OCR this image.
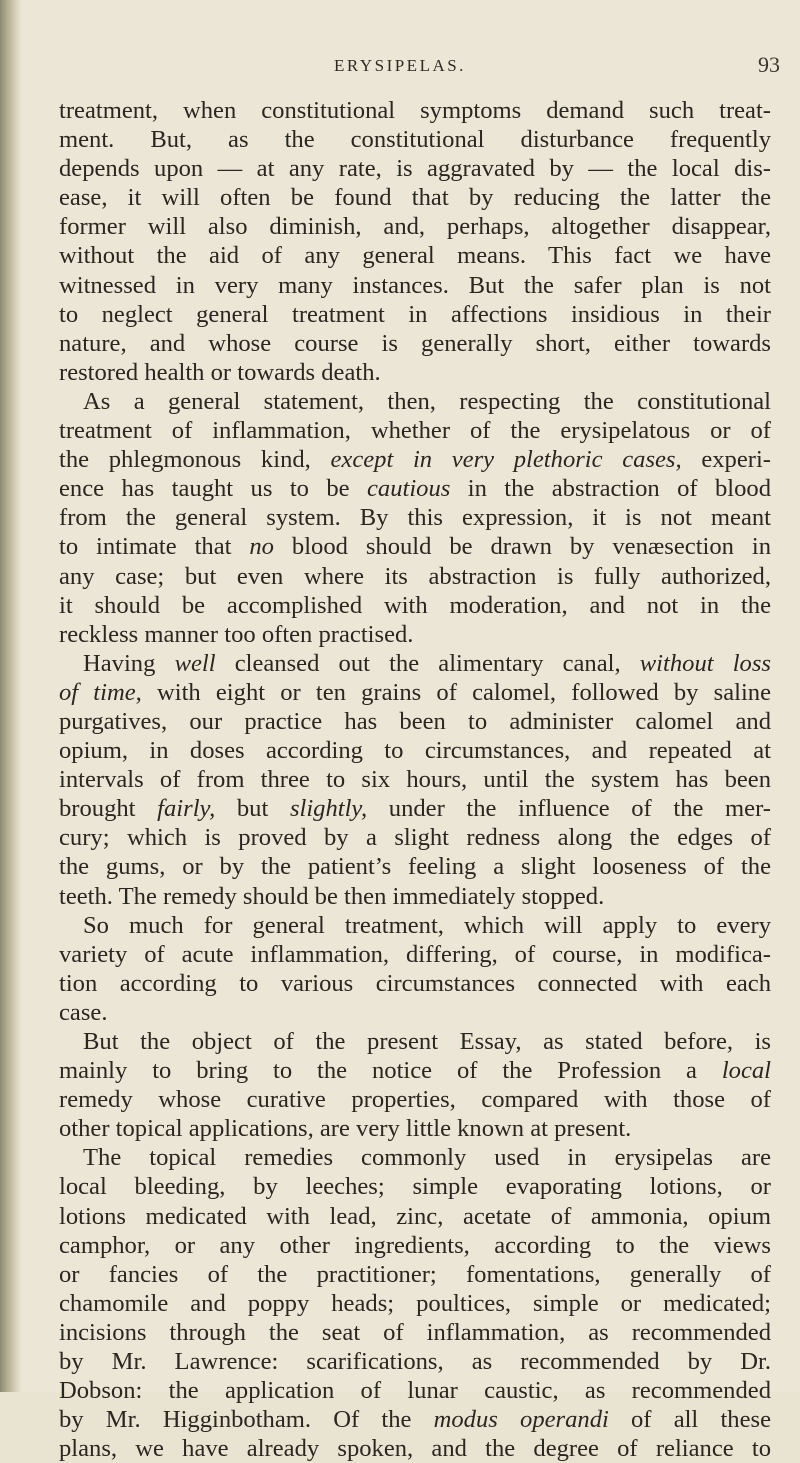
ERYSIPELAS.	93
treatment, when constitutional symptoms demand such treat-
ment. But, as the constitutional disturbance frequently
depends upon — at any rate, is aggravated by — the local dis-
ease, it will often be found that by reducing the latter the
former will also diminish, and, perhaps, altogether disappear,
without the aid of any general means. This fact we have
witnessed in very many instances. But the safer plan is not
to neglect general treatment in affections insidious in their
nature, and whose course is generally short, either towards
restored health or towards death.
As a general statement, then, respecting the constitutional
treatment of inflammation, whether of the erysipelatous or of
the phlegmonous kind, except in very plethoric cases, experi-
ence has taught us to be cautious in the abstraction of blood
from the general system. By this expression, it is not meant
to intimate that no blood should be drawn by venæsection in
any case; but even where its abstraction is fully authorized,
it should be accomplished with moderation, and not in the
reckless manner too often practised.
Having well cleansed out the alimentary canal, without loss
of time, with eight or ten grains of calomel, followed by saline
purgatives, our practice has been to administer calomel and
opium, in doses according to circumstances, and repeated at
intervals of from three to six hours, until the system has been
brought fairly, but slightly, under the influence of the mer-
cury; which is proved by a slight redness along the edges of
the gums, or by the patient’s feeling a slight looseness of the
teeth. The remedy should be then immediately stopped.
So much for general treatment, which will apply to every
variety of acute inflammation, differing, of course, in modifica-
tion according to various circumstances connected with each
case.
But the object of the present Essay, as stated before, is
mainly to bring to the notice of the Profession a local
remedy whose curative properties, compared with those of
other topical applications, are very little known at present.
The topical remedies commonly used in erysipelas are
local bleeding, by leeches; simple evaporating lotions, or
lotions medicated with lead, zinc, acetate of ammonia, opium
camphor, or any other ingredients, according to the views
or fancies of the practitioner; fomentations, generally of
chamomile and poppy heads; poultices, simple or medicated;
incisions through the seat of inflammation, as recommended
by Mr. Lawrence: scarifications, as recommended by Dr.
Dobson: the application of lunar caustic, as recommended
by Mr. Higginbotham. Of the modus operandi of all these
plans, we have already spoken, and the degree of reliance to
